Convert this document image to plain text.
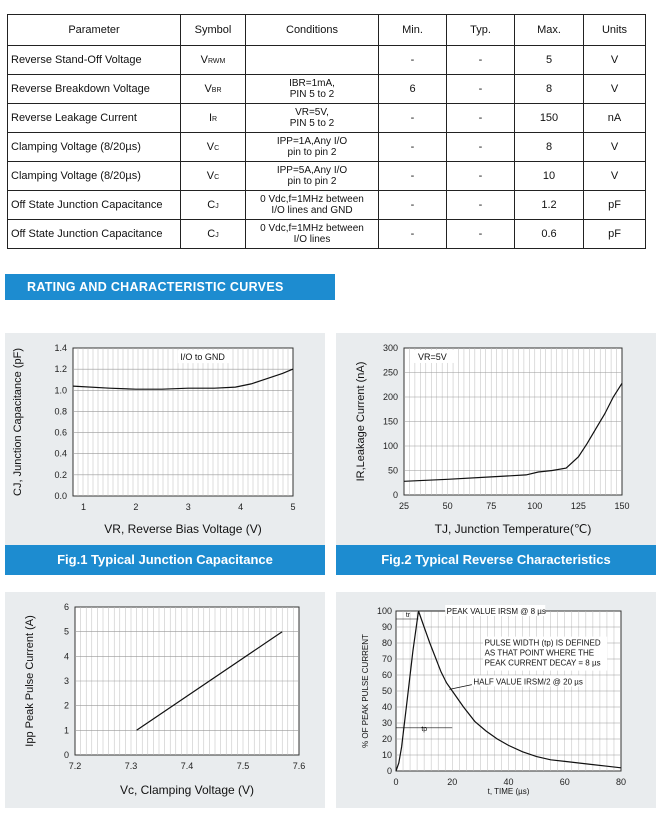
Parameter	Symbol	Conditions	Min.	Typ.	Max.	Units
Reverse Stand-Off Voltage	VRWM		-	-	5	V
Reverse Breakdown Voltage	VBR	IBR=1mA,
PIN 5 to 2	6	-	8	V
Reverse Leakage Current	IR	VR=5V,
PIN 5 to 2	-	-	150	nA
Clamping Voltage (8/20µs)	VC	IPP=1A,Any I/O
pin to pin 2	-	-	8	V
Clamping Voltage (8/20µs)	VC	IPP=5A,Any I/O
pin to pin 2	-	-	10	V
Off State Junction Capacitance	CJ	0 Vdc,f=1MHz between
I/O lines and GND	-	-	1.2	pF
Off State Junction Capacitance	CJ	0 Vdc,f=1MHz between
I/O lines	-	-	0.6	pF
RATING AND CHARACTERISTIC CURVES
1	2	3	4	5
0.0
0.2
0.4
0.6
0.8
1.0
1.2
1.4
VR, Reverse Bias Voltage (V)
CJ, Junction Capacitance (pF)	I/O to GND
Fig.1 Typical Junction Capacitance
25	50	75	100	125	150
0
50
100
150
200
250
300
TJ, Junction Temperature(℃)
IR,Leakage Current (nA)
VR=5V
Fig.2 Typical Reverse Characteristics
7.2	7.3	7.4	7.5	7.6
0
1
2
3
4
5
6
Vc, Clamping Voltage (V)
Ipp Peak Pulse Current (A)
0	20	40	60	80
0
10
20
30
40
50
60
70
80
90
100
t, TIME (µs)
% OF PEAK PULSE CURRENT
PEAK VALUE IRSM @ 8 µs
PULSE WIDTH (tp) IS DEFINED
AS THAT POINT WHERE THE
PEAK CURRENT DECAY = 8 µs
HALF VALUE IRSM/2 @ 20 µs
tr
tp
